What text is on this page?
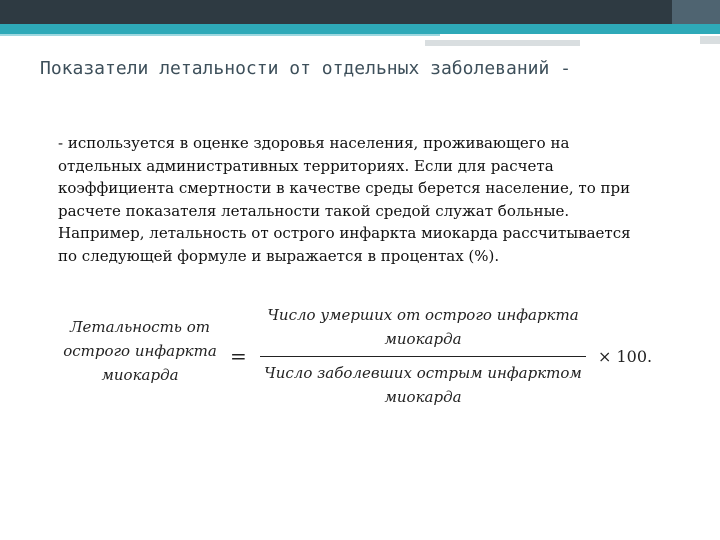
Показатели летальности от отдельных заболеваний -
- используется в оценке здоровья населения, проживающего на
отдельных административных территориях. Если для расчета
коэффициента смертности в качестве среды берется население, то при
расчете показателя летальности такой средой служат больные.
Например, летальность от острого инфаркта миокарда рассчитывается
по следующей формуле и выражается в процентах (%).
Летальность от
острого инфаркта
миокарда
=
Число умерших от острого инфаркта
миокарда
Число заболевших острым инфарктом
миокарда
× 100.
